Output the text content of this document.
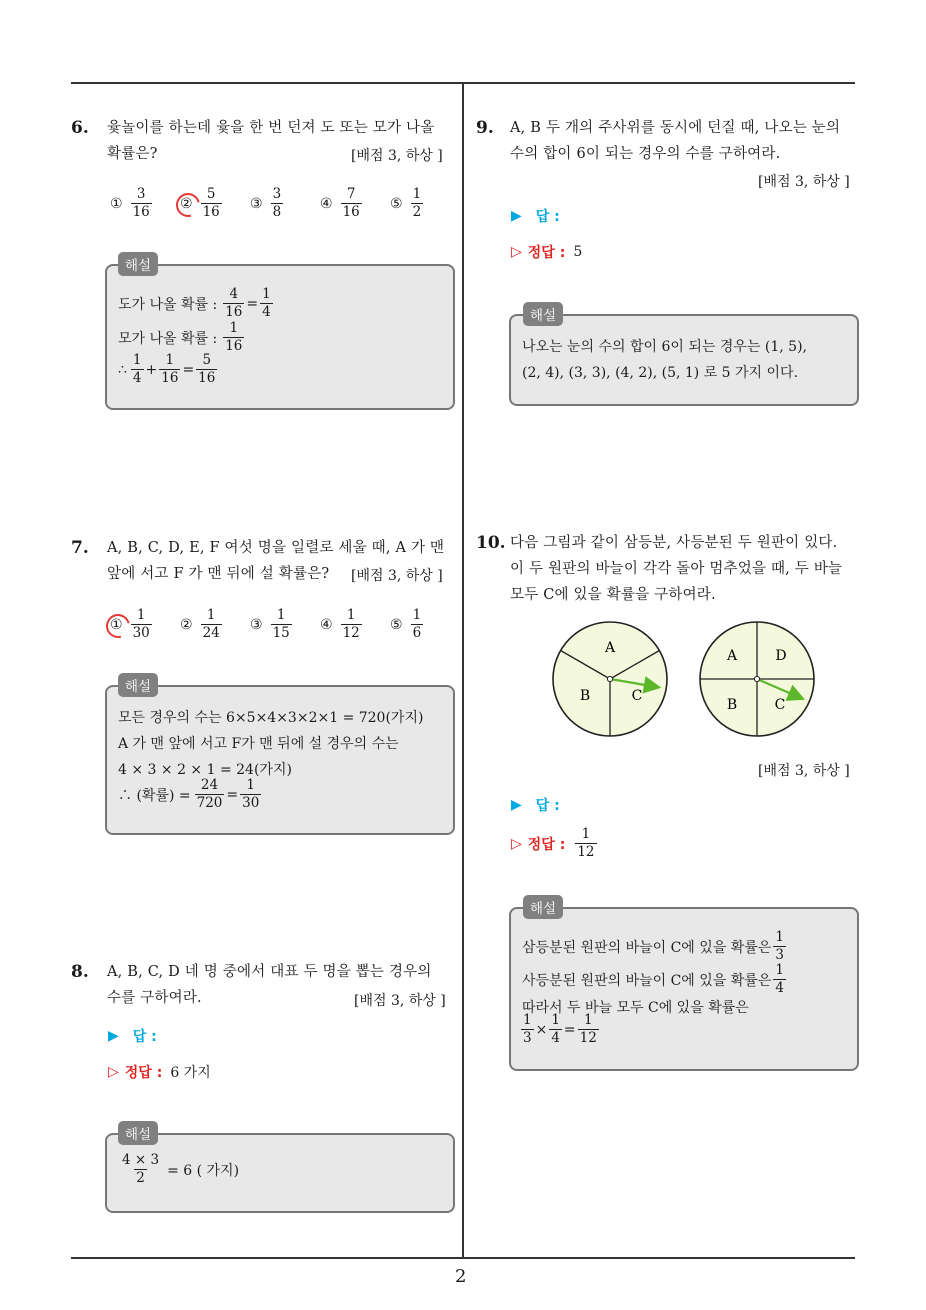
2
6. 윷놀이를 하는데 윷을 한 번 던져 도 또는 모가 나올
확률은?	[배점 3, 하상 ]
① $\frac{3}{16}$ ② $\frac{5}{16}$ ③ $\frac{3}{8}$	④ $\frac{7}{16}$ ⑤ $\frac{1}{2}$
해설
도가 나올 확률 : $\frac{4}{16} = \frac{1}{4}$
모가 나올 확률 : $\frac{1}{16}$
∴ $\frac{1}{4} + \frac{1}{16} = \frac{5}{16}$
7. A, B, C, D, E, F 여섯 명을 일렬로 세울 때, A 가 맨
앞에 서고 F 가 맨 뒤에 설 확률은? [배점 3, 하상 ]
① $\frac{1}{30}$ ② $\frac{1}{24}$ ③ $\frac{1}{15}$ ④ $\frac{1}{12}$ ⑤ $\frac{1}{6}$
해설
모든 경우의 수는 6×5×4×3×2×1 = 720(가지)
A 가 맨 앞에 서고 F가 맨 뒤에 설 경우의 수는
4 × 3 × 2 × 1 = 24(가지)
∴ (확률) = $\frac{24}{720} = \frac{1}{30}$
8. A, B, C, D 네 명 중에서 대표 두 명을 뽑는 경우의
수를 구하여라.	[배점 3, 하상 ]
▶ 답 :
▷ 정답 : 6 가지
해설
$\frac{4 \times 3}{2} = 6$ ( 가지)
9. A, B 두 개의 주사위를 동시에 던질 때, 나오는 눈의
수의 합이 6이 되는 경우의 수를 구하여라.
[배점 3, 하상 ]
▶ 답 :
▷ 정답 : 5
해설
나오는 눈의 수의 합이 6이 되는 경우는 (1, 5),
(2, 4), (3, 3), (4, 2), (5, 1) 로 5 가지 이다.
10. 다음 그림과 같이 삼등분, 사등분된 두 원판이 있다.
이 두 원판의 바늘이 각각 돌아 멈추었을 때, 두 바늘
모두 C에 있을 확률을 구하여라.
A
B	C
A	D
B	C
[배점 3, 하상 ]
▶ 답 :
▷ 정답 : $\frac{1}{12}$
해설
삼등분된 원판의 바늘이 C에 있을 확률은 $\frac{1}{3}$
사등분된 원판의 바늘이 C에 있을 확률은 $\frac{1}{4}$
따라서 두 바늘 모두 C에 있을 확률은
$\frac{1}{3} \times \frac{1}{4} = \frac{1}{12}$
